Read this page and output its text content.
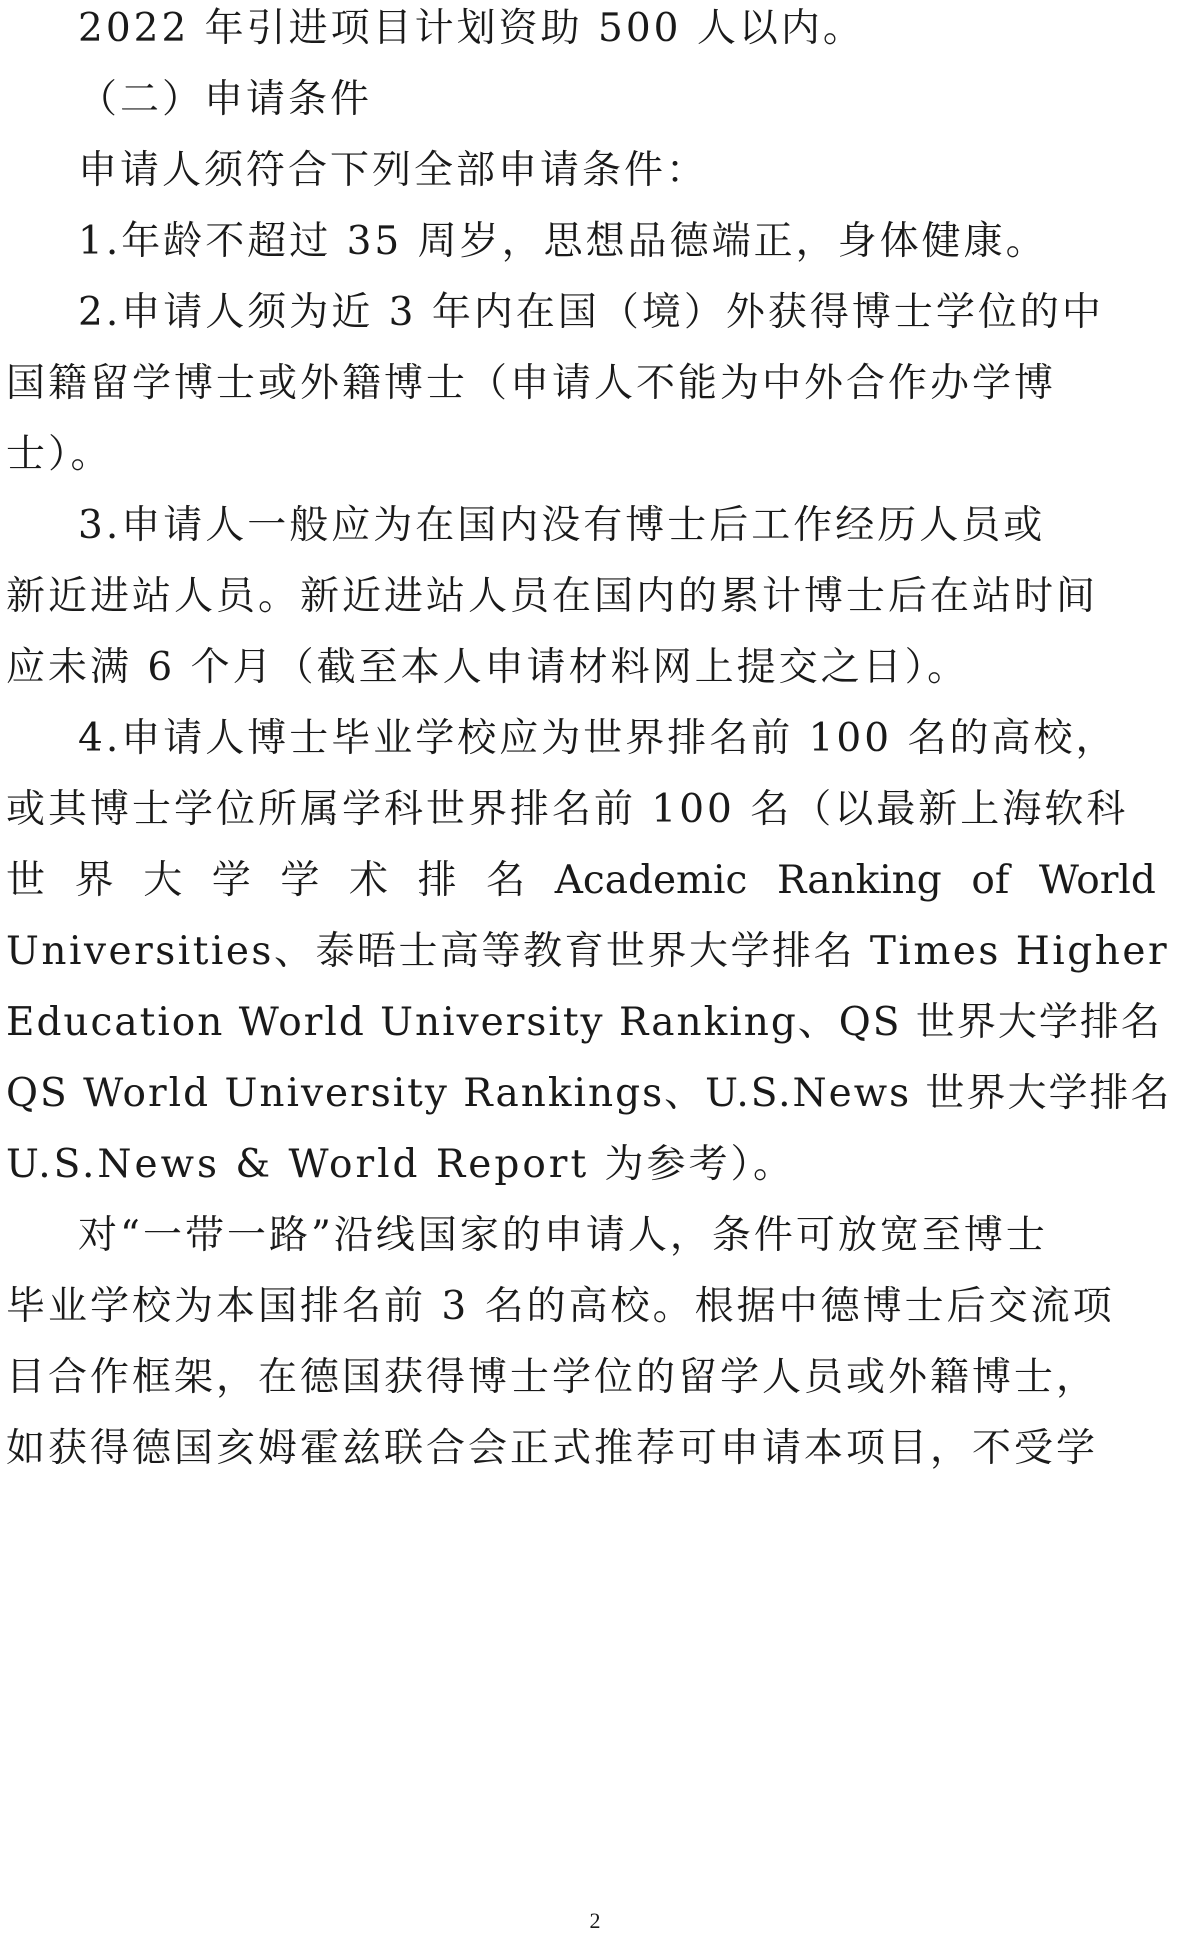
2022 年引进项目计划资助 500 人以内。
（二）申请条件
申请人须符合下列全部申请条件：
1.年龄不超过 35 周岁，思想品德端正，身体健康。
2.申请人须为近 3 年内在国（境）外获得博士学位的中
国籍留学博士或外籍博士（申请人不能为中外合作办学博
士）。
3.申请人一般应为在国内没有博士后工作经历人员或
新近进站人员。新近进站人员在国内的累计博士后在站时间
应未满 6 个月（截至本人申请材料网上提交之日）。
4.申请人博士毕业学校应为世界排名前 100 名的高校，
或其博士学位所属学科世界排名前 100 名（以最新上海软科
世 界 大 学 学 术 排 名 Academic Ranking of World
Universities、泰晤士高等教育世界大学排名 Times Higher
Education World University Ranking、QS 世界大学排名
QS World University Rankings、U.S.News 世界大学排名
U.S.News & World Report 为参考）。
对“一带一路”沿线国家的申请人，条件可放宽至博士
毕业学校为本国排名前 3 名的高校。根据中德博士后交流项
目合作框架，在德国获得博士学位的留学人员或外籍博士，
如获得德国亥姆霍兹联合会正式推荐可申请本项目，不受学
2
